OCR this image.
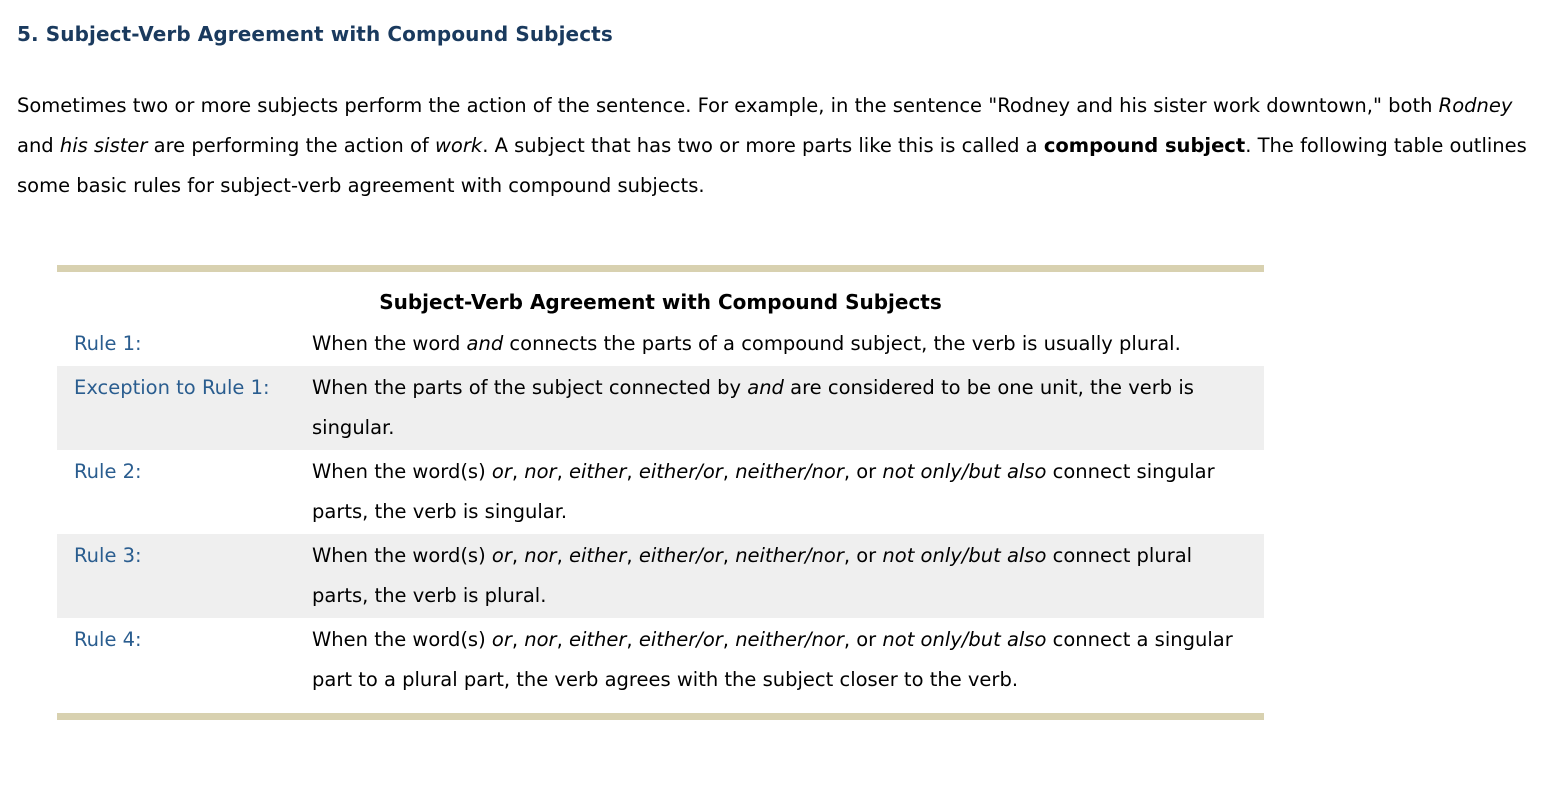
5. Subject-Verb Agreement with Compound Subjects

Sometimes two or more subjects perform the action of the sentence. For example, in the sentence "Rodney and his sister work downtown," both Rodney and his sister are performing the action of work. A subject that has two or more parts like this is called a compound subject. The following table outlines some basic rules for subject-verb agreement with compound subjects.

Subject-Verb Agreement with Compound Subjects
Rule 1:	When the word and connects the parts of a compound subject, the verb is usually plural.
Exception to Rule 1:	When the parts of the subject connected by and are considered to be one unit, the verb is singular.
Rule 2:	When the word(s) or, nor, either, either/or, neither/nor, or not only/but also connect singular parts, the verb is singular.
Rule 3:	When the word(s) or, nor, either, either/or, neither/nor, or not only/but also connect plural parts, the verb is plural.
Rule 4:	When the word(s) or, nor, either, either/or, neither/nor, or not only/but also connect a singular part to a plural part, the verb agrees with the subject closer to the verb.
